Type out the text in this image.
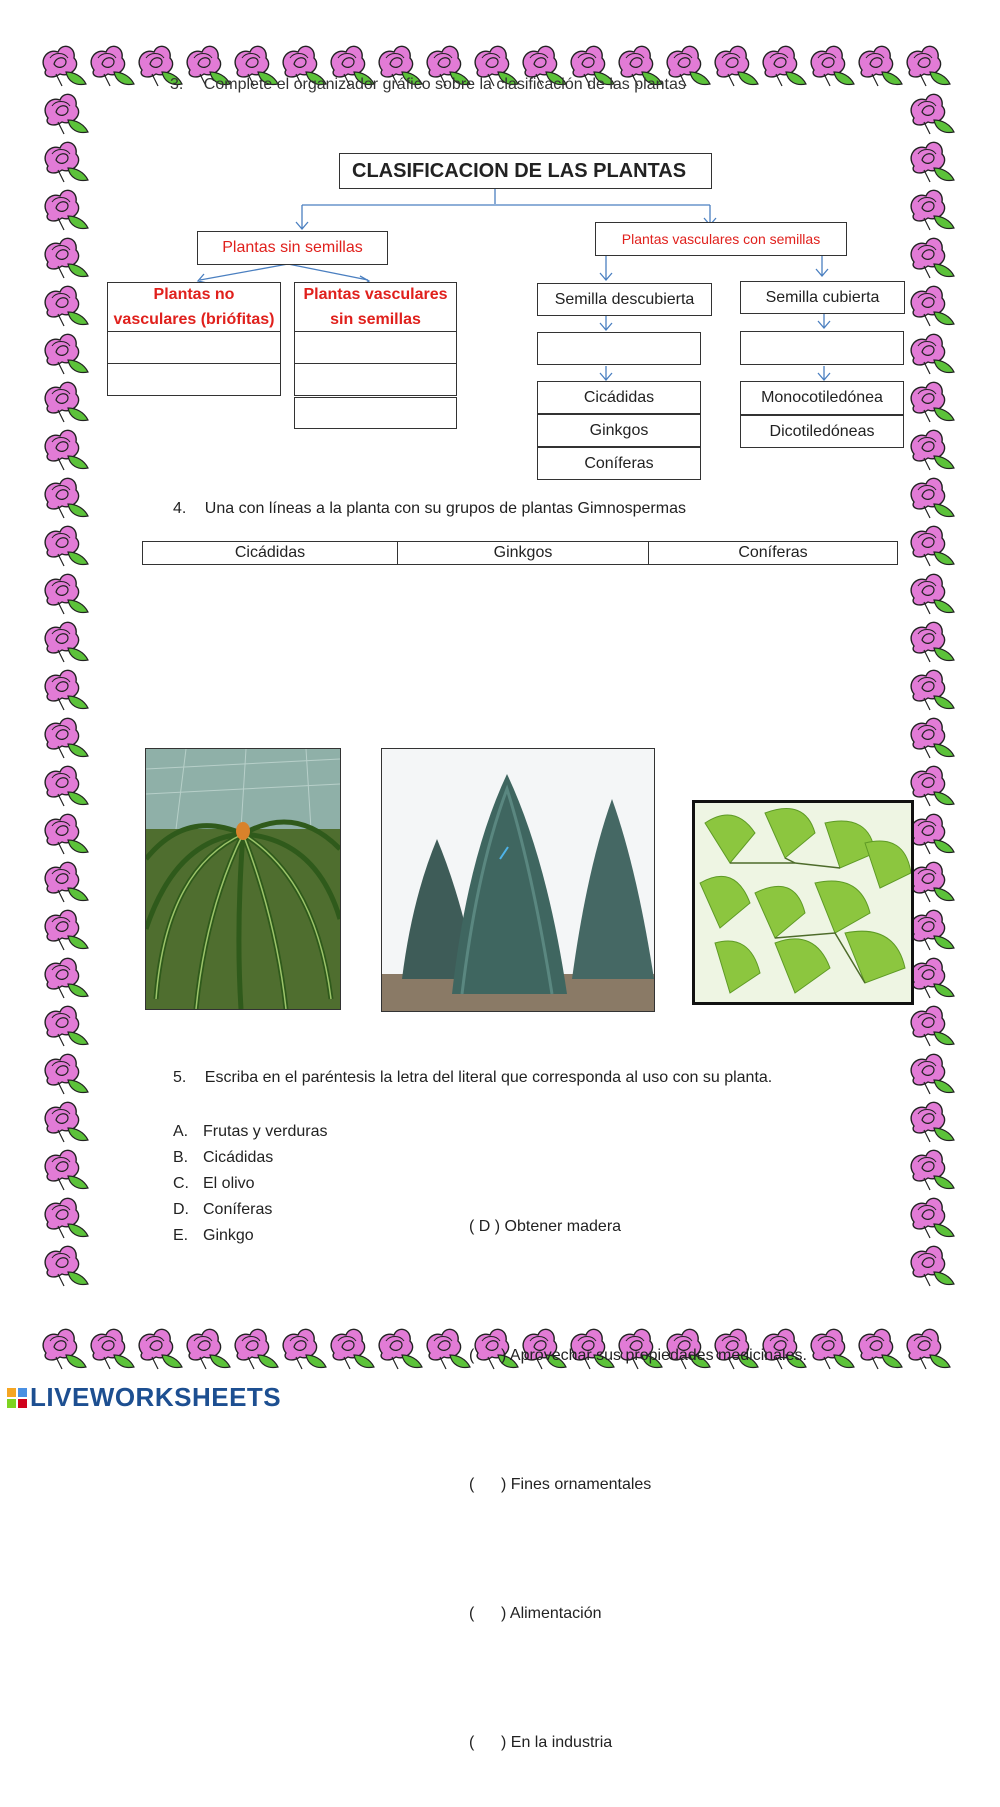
3. Complete el organizador gráfico sobre la clasificación de las plantas
CLASIFICACION DE LAS PLANTAS
Plantas sin semillas
Plantas no vasculares (briófitas)
Plantas vasculares sin semillas
Plantas vasculares con semillas
Semilla descubierta
Cicádidas
Ginkgos
Coníferas
Semilla cubierta
Monocotiledónea
Dicotiledóneas
4. Una con líneas a la planta con su grupos de plantas Gimnospermas
Cicádidas	Ginkgos	Coníferas
5. Escriba en el paréntesis la letra del literal que corresponda al uso con su planta.
A. Frutas y verduras
B. Cicádidas
C. El olivo
D. Coníferas
E. Ginkgo

( D ) Obtener madera

(      ) Aprovechar sus propiedades medicinales.

(      ) Fines ornamentales

(      ) Alimentación

(      ) En la industria

LIVEWORKSHEETS
